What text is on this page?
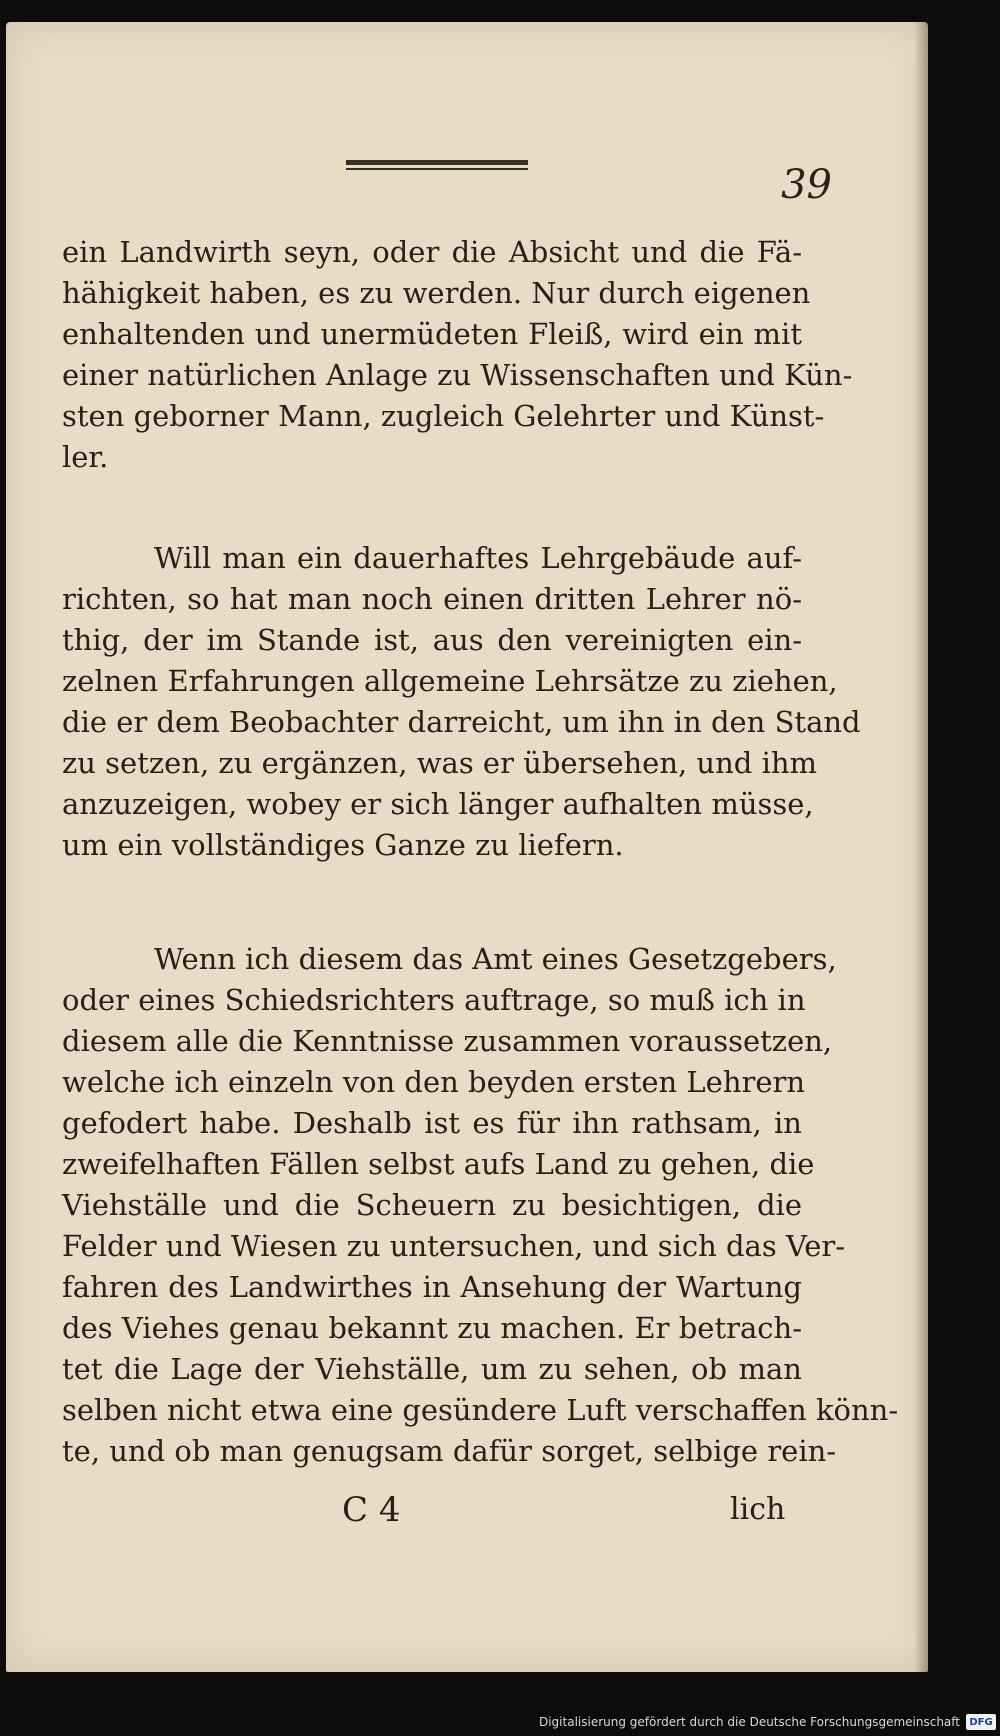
39
ein Landwirth seyn, oder die Absicht und die Fä-
hähigkeit haben, es zu werden. Nur durch eigenen
enhaltenden und unermüdeten Fleiß, wird ein mit
einer natürlichen Anlage zu Wissenschaften und Kün-
sten geborner Mann, zugleich Gelehrter und Künst-
ler.
Will man ein dauerhaftes Lehrgebäude auf-
richten, so hat man noch einen dritten Lehrer nö-
thig, der im Stande ist, aus den vereinigten ein-
zelnen Erfahrungen allgemeine Lehrsätze zu ziehen,
die er dem Beobachter darreicht, um ihn in den Stand
zu setzen, zu ergänzen, was er übersehen, und ihm
anzuzeigen, wobey er sich länger aufhalten müsse,
um ein vollständiges Ganze zu liefern.
Wenn ich diesem das Amt eines Gesetzgebers,
oder eines Schiedsrichters auftrage, so muß ich in
diesem alle die Kenntnisse zusammen voraussetzen,
welche ich einzeln von den beyden ersten Lehrern
gefodert habe. Deshalb ist es für ihn rathsam, in
zweifelhaften Fällen selbst aufs Land zu gehen, die
Viehställe und die Scheuern zu besichtigen, die
Felder und Wiesen zu untersuchen, und sich das Ver-
fahren des Landwirthes in Ansehung der Wartung
des Viehes genau bekannt zu machen. Er betrach-
tet die Lage der Viehställe, um zu sehen, ob man
selben nicht etwa eine gesündere Luft verschaffen könn-
te, und ob man genugsam dafür sorget, selbige rein-
C 4	lich
Digitalisierung gefördert durch die Deutsche Forschungsgemeinschaft DFG
